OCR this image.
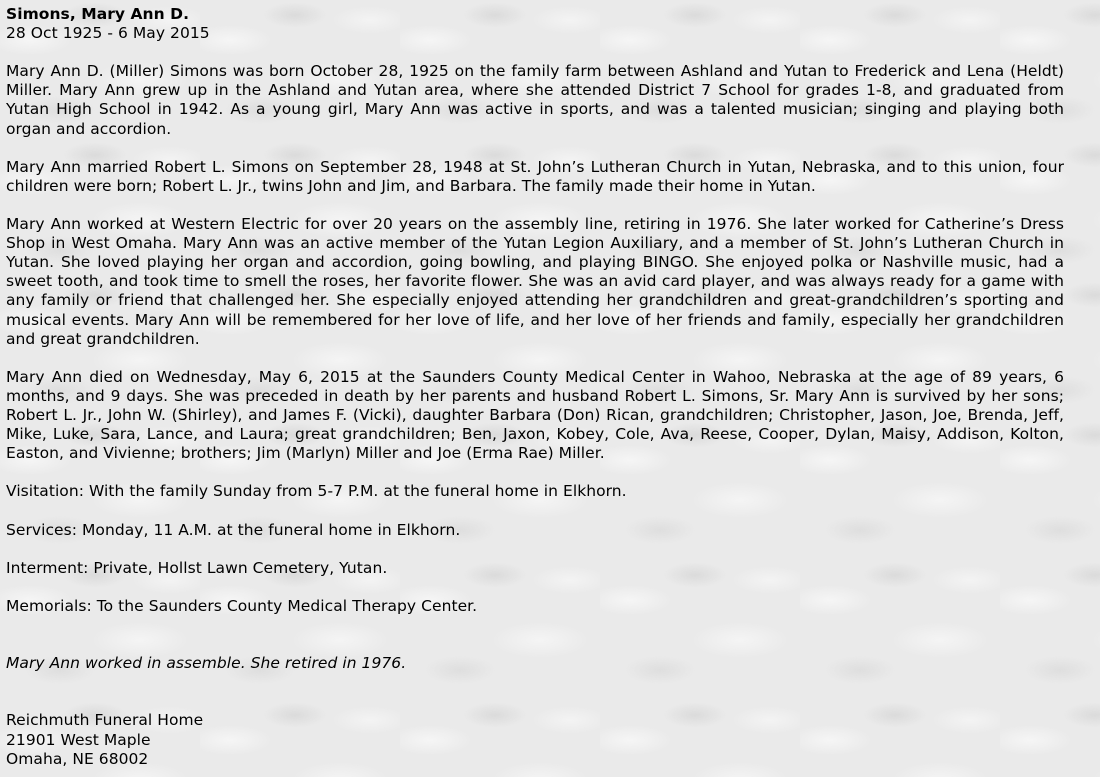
Simons, Mary Ann D.
28 Oct 1925 - 6 May 2015

Mary Ann D. (Miller) Simons was born October 28, 1925 on the family farm between Ashland and Yutan to Frederick and Lena (Heldt) Miller. Mary Ann grew up in the Ashland and Yutan area, where she attended District 7 School for grades 1-8, and graduated from Yutan High School in 1942. As a young girl, Mary Ann was active in sports, and was a talented musician; singing and playing both organ and accordion.

Mary Ann married Robert L. Simons on September 28, 1948 at St. John’s Lutheran Church in Yutan, Nebraska, and to this union, four children were born; Robert L. Jr., twins John and Jim, and Barbara. The family made their home in Yutan.

Mary Ann worked at Western Electric for over 20 years on the assembly line, retiring in 1976. She later worked for Catherine’s Dress Shop in West Omaha. Mary Ann was an active member of the Yutan Legion Auxiliary, and a member of St. John’s Lutheran Church in Yutan. She loved playing her organ and accordion, going bowling, and playing BINGO. She enjoyed polka or Nashville music, had a sweet tooth, and took time to smell the roses, her favorite flower. She was an avid card player, and was always ready for a game with any family or friend that challenged her. She especially enjoyed attending her grandchildren and great-grandchildren’s sporting and musical events. Mary Ann will be remembered for her love of life, and her love of her friends and family, especially her grandchildren and great grandchildren.

Mary Ann died on Wednesday, May 6, 2015 at the Saunders County Medical Center in Wahoo, Nebraska at the age of 89 years, 6 months, and 9 days. She was preceded in death by her parents and husband Robert L. Simons, Sr. Mary Ann is survived by her sons; Robert L. Jr., John W. (Shirley), and James F. (Vicki), daughter Barbara (Don) Rican, grandchildren; Christopher, Jason, Joe, Brenda, Jeff, Mike, Luke, Sara, Lance, and Laura; great grandchildren; Ben, Jaxon, Kobey, Cole, Ava, Reese, Cooper, Dylan, Maisy, Addison, Kolton, Easton, and Vivienne; brothers; Jim (Marlyn) Miller and Joe (Erma Rae) Miller.

Visitation: With the family Sunday from 5-7 P.M. at the funeral home in Elkhorn.
Services: Monday, 11 A.M. at the funeral home in Elkhorn.
Interment: Private, Hollst Lawn Cemetery, Yutan.
Memorials: To the Saunders County Medical Therapy Center.
Mary Ann worked in assemble. She retired in 1976.
Reichmuth Funeral Home
21901 West Maple
Omaha, NE 68002
